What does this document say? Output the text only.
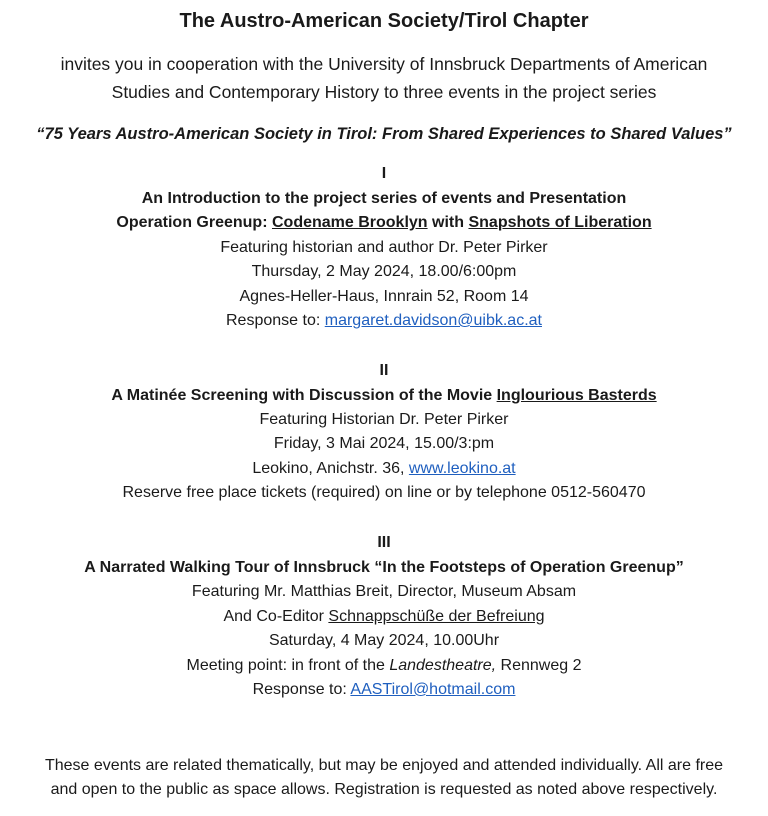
The Austro-American Society/Tirol Chapter
invites you in cooperation with the University of Innsbruck Departments of American
Studies and Contemporary History to three events in the project series
“75 Years Austro-American Society in Tirol: From Shared Experiences to Shared Values”
I
An Introduction to the project series of events and Presentation
Operation Greenup: Codename Brooklyn with Snapshots of Liberation
Featuring historian and author Dr. Peter Pirker
Thursday, 2 May 2024, 18.00/6:00pm
Agnes-Heller-Haus, Innrain 52, Room 14
Response to: margaret.davidson@uibk.ac.at
II
A Matinée Screening with Discussion of the Movie Inglourious Basterds
Featuring Historian Dr. Peter Pirker
Friday, 3 Mai 2024, 15.00/3:pm
Leokino, Anichstr. 36, www.leokino.at
Reserve free place tickets (required) on line or by telephone 0512-560470
III
A Narrated Walking Tour of Innsbruck “In the Footsteps of Operation Greenup”
Featuring Mr. Matthias Breit, Director, Museum Absam
And Co-Editor Schnappschüße der Befreiung
Saturday, 4 May 2024, 10.00Uhr
Meeting point: in front of the Landestheatre, Rennweg 2
Response to: AASTirol@hotmail.com
These events are related thematically, but may be enjoyed and attended individually. All are free
and open to the public as space allows. Registration is requested as noted above respectively.
